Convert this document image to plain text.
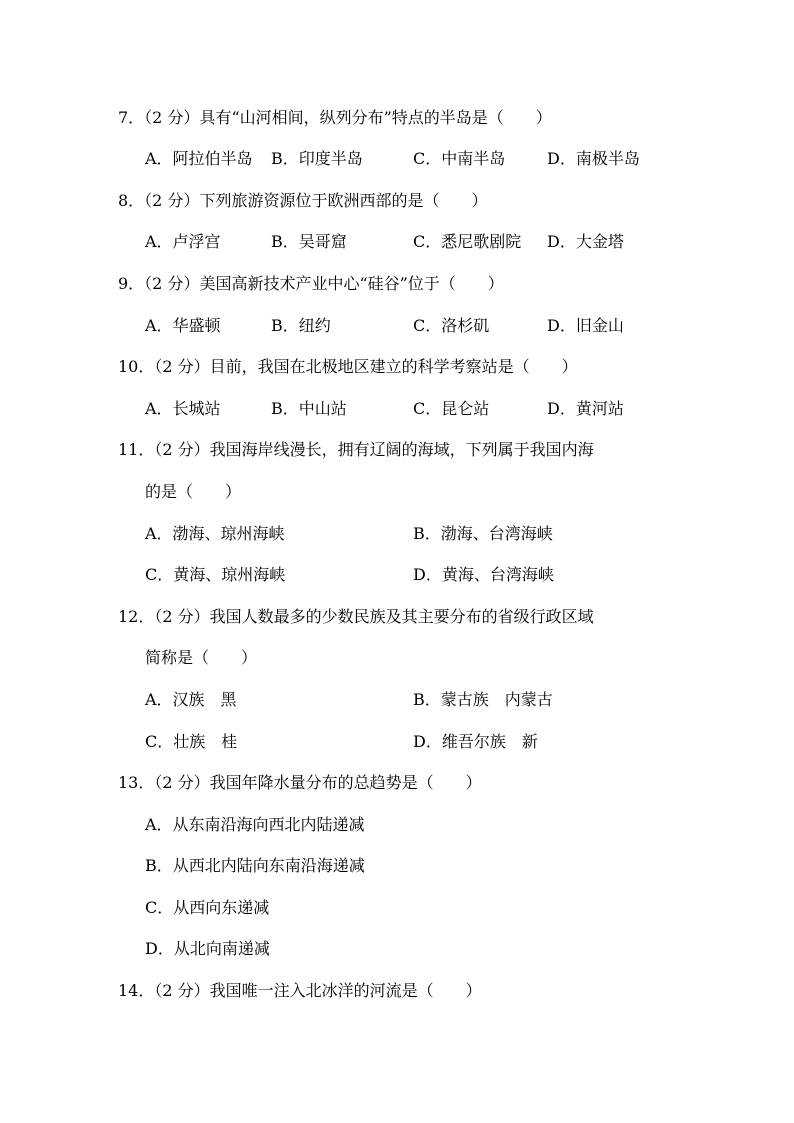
7．（2 分）具有“山河相间，纵列分布”特点的半岛是（　　）
A．阿拉伯半岛 B．印度半岛	C．中南半岛	D．南极半岛
8．（2 分）下列旅游资源位于欧洲西部的是（　　）
A．卢浮宫	B．吴哥窟	C．悉尼歌剧院 D．大金塔
9．（2 分）美国高新技术产业中心“硅谷”位于（　　）
A．华盛顿	B．纽约	C．洛杉矶	D．旧金山
10．（2 分）目前，我国在北极地区建立的科学考察站是（　　）
A．长城站	B．中山站	C．昆仑站	D．黄河站
11．（2 分）我国海岸线漫长，拥有辽阔的海域，下列属于我国内海
的是（　　）
A．渤海、琼州海峡	B．渤海、台湾海峡
C．黄海、琼州海峡	D．黄海、台湾海峡
12．（2 分）我国人数最多的少数民族及其主要分布的省级行政区域
简称是（　　）
A．汉族　黑	B．蒙古族　内蒙古
C．壮族　桂	D．维吾尔族　新
13．（2 分）我国年降水量分布的总趋势是（　　）
A．从东南沿海向西北内陆递减
B．从西北内陆向东南沿海递减
C．从西向东递减
D．从北向南递减
14．（2 分）我国唯一注入北冰洋的河流是（　　）
